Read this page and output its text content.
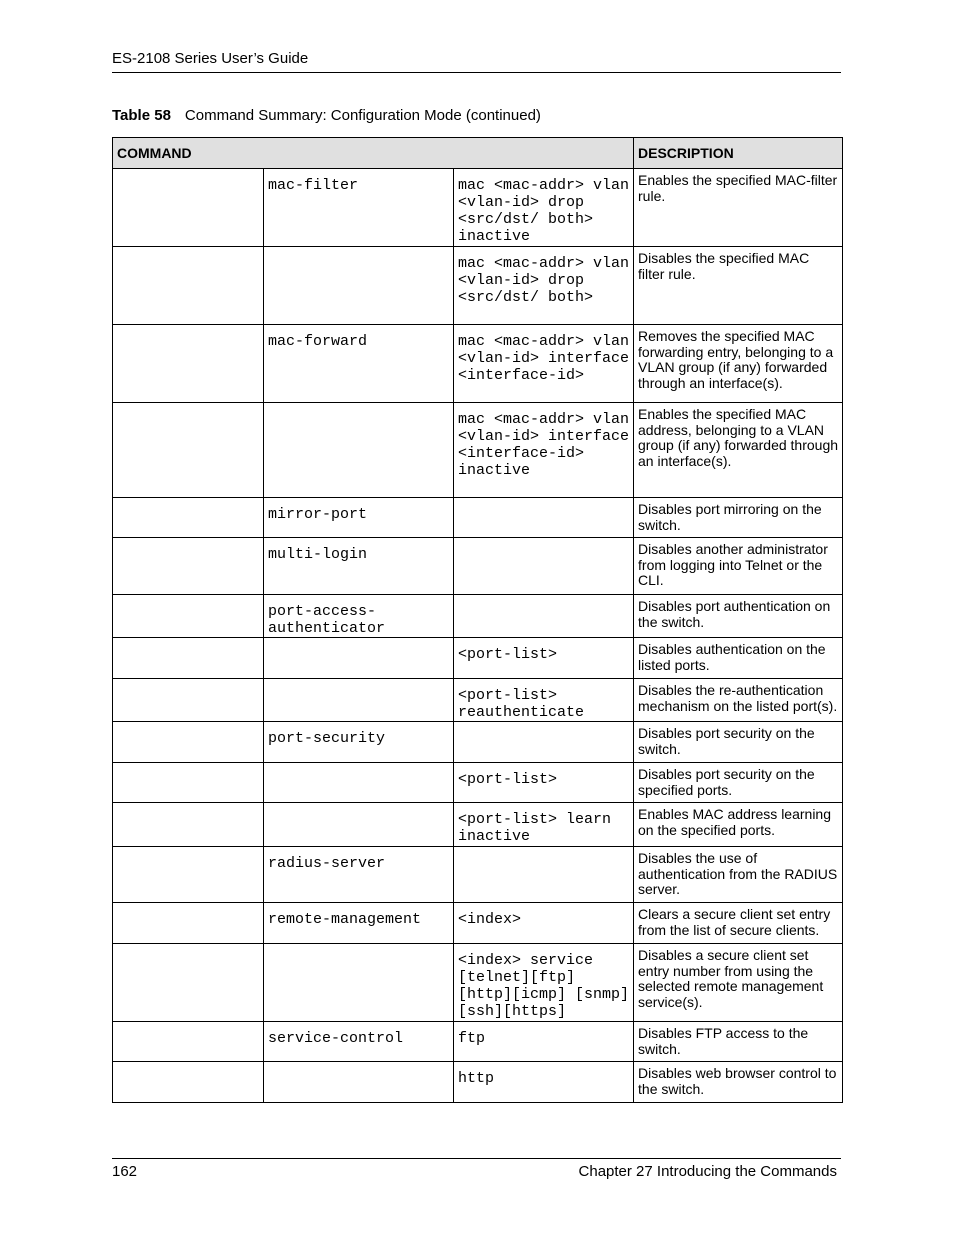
ES-2108 Series User’s Guide
Table 58 Command Summary: Configuration Mode (continued)
COMMAND			DESCRIPTION

	mac-filter	mac <mac-addr> vlan <vlan-id> drop <src/dst/ both> inactive	Enables the specified MAC-filter rule.

		mac <mac-addr> vlan <vlan-id> drop <src/dst/ both>	Disables the specified MAC filter rule.

	mac-forward	mac <mac-addr> vlan <vlan-id> interface <interface-id>	Removes the specified MAC forwarding entry, belonging to a VLAN group (if any) forwarded through an interface(s).

		mac <mac-addr> vlan <vlan-id> interface <interface-id> inactive	Enables the specified MAC address, belonging to a VLAN group (if any) forwarded through an interface(s).

	mirror-port		Disables port mirroring on the switch.

	multi-login		Disables another administrator from logging into Telnet or the CLI.

	port-access-authenticator		Disables port authentication on the switch.

		<port-list>	Disables authentication on the listed ports.

		<port-list> reauthenticate	Disables the re-authentication mechanism on the listed port(s).

	port-security		Disables port security on the switch.

		<port-list>	Disables port security on the specified ports.

		<port-list> learn inactive	Enables MAC address learning on the specified ports.

	radius-server		Disables the use of authentication from the RADIUS server.

	remote-management	<index>	Clears a secure client set entry from the list of secure clients.

		<index> service [telnet][ftp] [http][icmp] [snmp][ssh][https]	Disables a secure client set entry number from using the selected remote management service(s).

	service-control	ftp	Disables FTP access to the switch.

		http	Disables web browser control to the switch.
162	Chapter 27 Introducing the Commands
